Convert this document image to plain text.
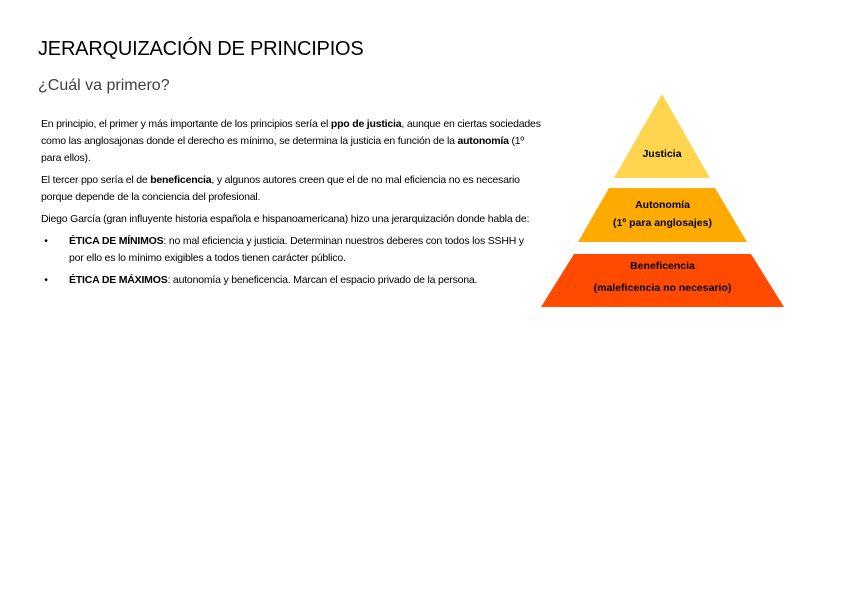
JERARQUIZACIÓN DE PRINCIPIOS
¿Cuál va primero?

En principio, el primer y más importante de los principios sería el ppo de justicia, aunque en ciertas sociedades como las anglosajonas donde el derecho es mínimo, se determina la justicia en función de la autonomía (1º para ellos).

El tercer ppo sería el de beneficencia, y algunos autores creen que el de no mal eficiencia no es necesario porque depende de la conciencia del profesional.

Diego García (gran influyente historia española e hispanoamericana) hizo una jerarquización donde habla de:

•	ÉTICA DE MÍNIMOS: no mal eficiencia y justicia. Determinan nuestros deberes con todos los SSHH y por ello es lo mínimo exigibles a todos tienen carácter público.
•	ÉTICA DE MÁXIMOS: autonomía y beneficencia. Marcan el espacio privado de la persona.
Justicia
Autonomía
(1º para anglosajes)
Beneficencia
(maleficencia no necesario)
